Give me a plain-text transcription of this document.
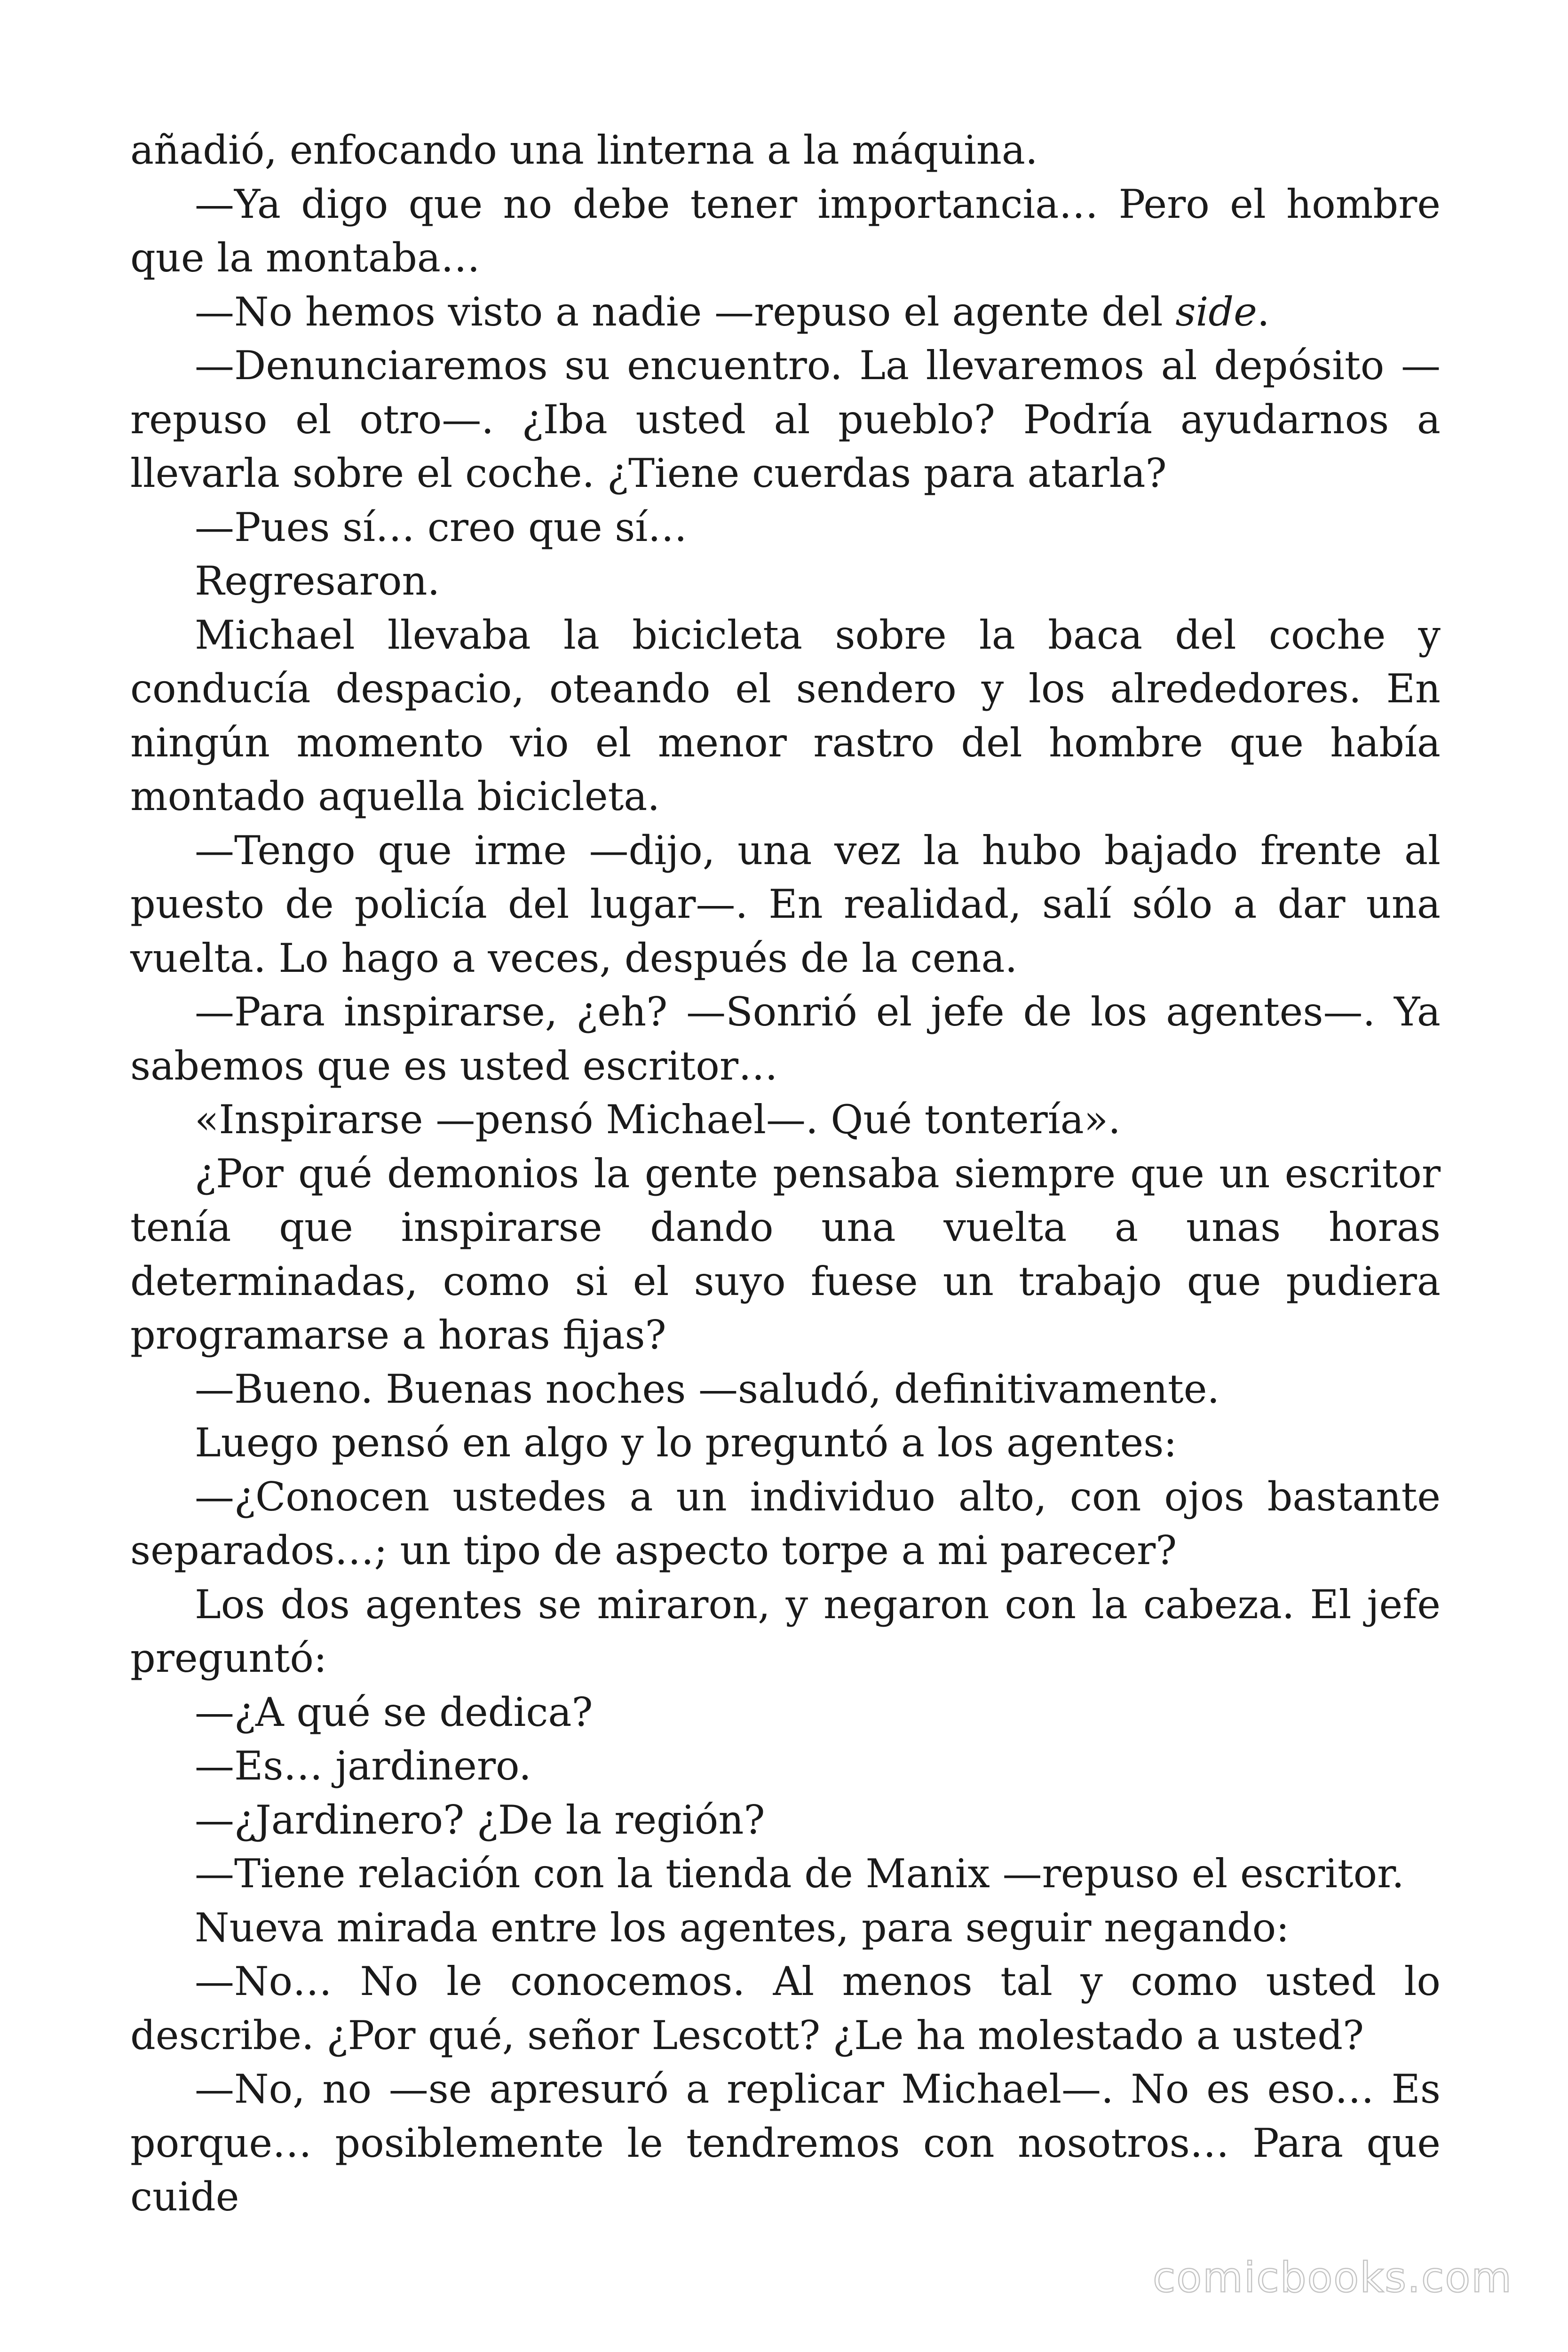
añadió, enfocando una linterna a la máquina.

—Ya digo que no debe tener importancia… Pero el hombre que la montaba…

—No hemos visto a nadie —repuso el agente del side.

—Denunciaremos su encuentro. La llevaremos al depósito —repuso el otro—. ¿Iba usted al pueblo? Podría ayudarnos a llevarla sobre el coche. ¿Tiene cuerdas para atarla?

—Pues sí… creo que sí…

Regresaron.

Michael llevaba la bicicleta sobre la baca del coche y conducía despacio, oteando el sendero y los alrededores. En ningún momento vio el menor rastro del hombre que había montado aquella bicicleta.

—Tengo que irme —dijo, una vez la hubo bajado frente al puesto de policía del lugar—. En realidad, salí sólo a dar una vuelta. Lo hago a veces, después de la cena.

—Para inspirarse, ¿eh? —Sonrió el jefe de los agentes—. Ya sabemos que es usted escritor…

«Inspirarse —pensó Michael—. Qué tontería».

¿Por qué demonios la gente pensaba siempre que un escritor tenía que inspirarse dando una vuelta a unas horas determinadas, como si el suyo fuese un trabajo que pudiera programarse a horas fijas?

—Bueno. Buenas noches —saludó, definitivamente.

Luego pensó en algo y lo preguntó a los agentes:

—¿Conocen ustedes a un individuo alto, con ojos bastante separados…; un tipo de aspecto torpe a mi parecer?

Los dos agentes se miraron, y negaron con la cabeza. El jefe preguntó:

—¿A qué se dedica?

—Es… jardinero.

—¿Jardinero? ¿De la región?

—Tiene relación con la tienda de Manix —repuso el escritor.

Nueva mirada entre los agentes, para seguir negando:

—No… No le conocemos. Al menos tal y como usted lo describe. ¿Por qué, señor Lescott? ¿Le ha molestado a usted?

—No, no —se apresuró a replicar Michael—. No es eso… Es porque… posiblemente le tendremos con nosotros… Para que cuide

comicbooks.com
